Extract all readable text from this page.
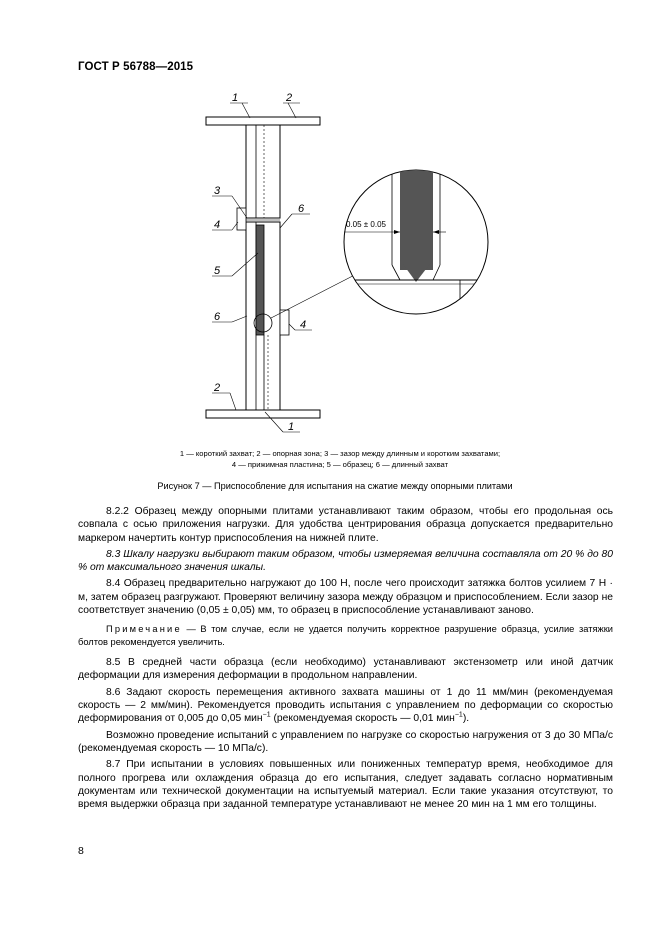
ГОСТ Р 56788—2015
0.05 ± 0.05
1	2
3
4
6
5
6
4
2
1
1 — короткий захват; 2 — опорная зона; 3 — зазор между длинным и коротким захватами;
4 — прижимная пластина; 5 — образец; 6 — длинный захват
Рисунок 7 — Приспособление для испытания на сжатие между опорными плитами

8.2.2 Образец между опорными плитами устанавливают таким образом, чтобы его продольная ось совпала с осью приложения нагрузки. Для удобства центрирования образца допускается предварительно маркером начертить контур приспособления на нижней плите.

8.3 Шкалу нагрузки выбирают таким образом, чтобы измеряемая величина составляла от 20 % до 80 % от максимального значения шкалы.

8.4 Образец предварительно нагружают до 100 Н, после чего происходит затяжка болтов усилием 7 Н · м, затем образец разгружают. Проверяют величину зазора между образцом и приспособлением. Если зазор не соответствует значению (0,05 ± 0,05) мм, то образец в приспособление устанавливают заново.

Примечание — В том случае, если не удается получить корректное разрушение образца, усилие затяжки болтов рекомендуется увеличить.

8.5 В средней части образца (если необходимо) устанавливают экстензометр или иной датчик деформации для измерения деформации в продольном направлении.

8.6 Задают скорость перемещения активного захвата машины от 1 до 11 мм/мин (рекомендуемая скорость — 2 мм/мин). Рекомендуется проводить испытания с управлением по деформации со скоростью деформирования от 0,005 до 0,05 мин$^{-1}$ (рекомендуемая скорость — 0,01 мин$^{-1}$).

Возможно проведение испытаний с управлением по нагрузке со скоростью нагружения от 3 до 30 МПа/с (рекомендуемая скорость — 10 МПа/с).

8.7 При испытании в условиях повышенных или пониженных температур время, необходимое для полного прогрева или охлаждения образца до его испытания, следует задавать согласно нормативным документам или технической документации на испытуемый материал. Если такие указания отсутствуют, то время выдержки образца при заданной температуре устанавливают не менее 20 мин на 1 мм его толщины.

8
